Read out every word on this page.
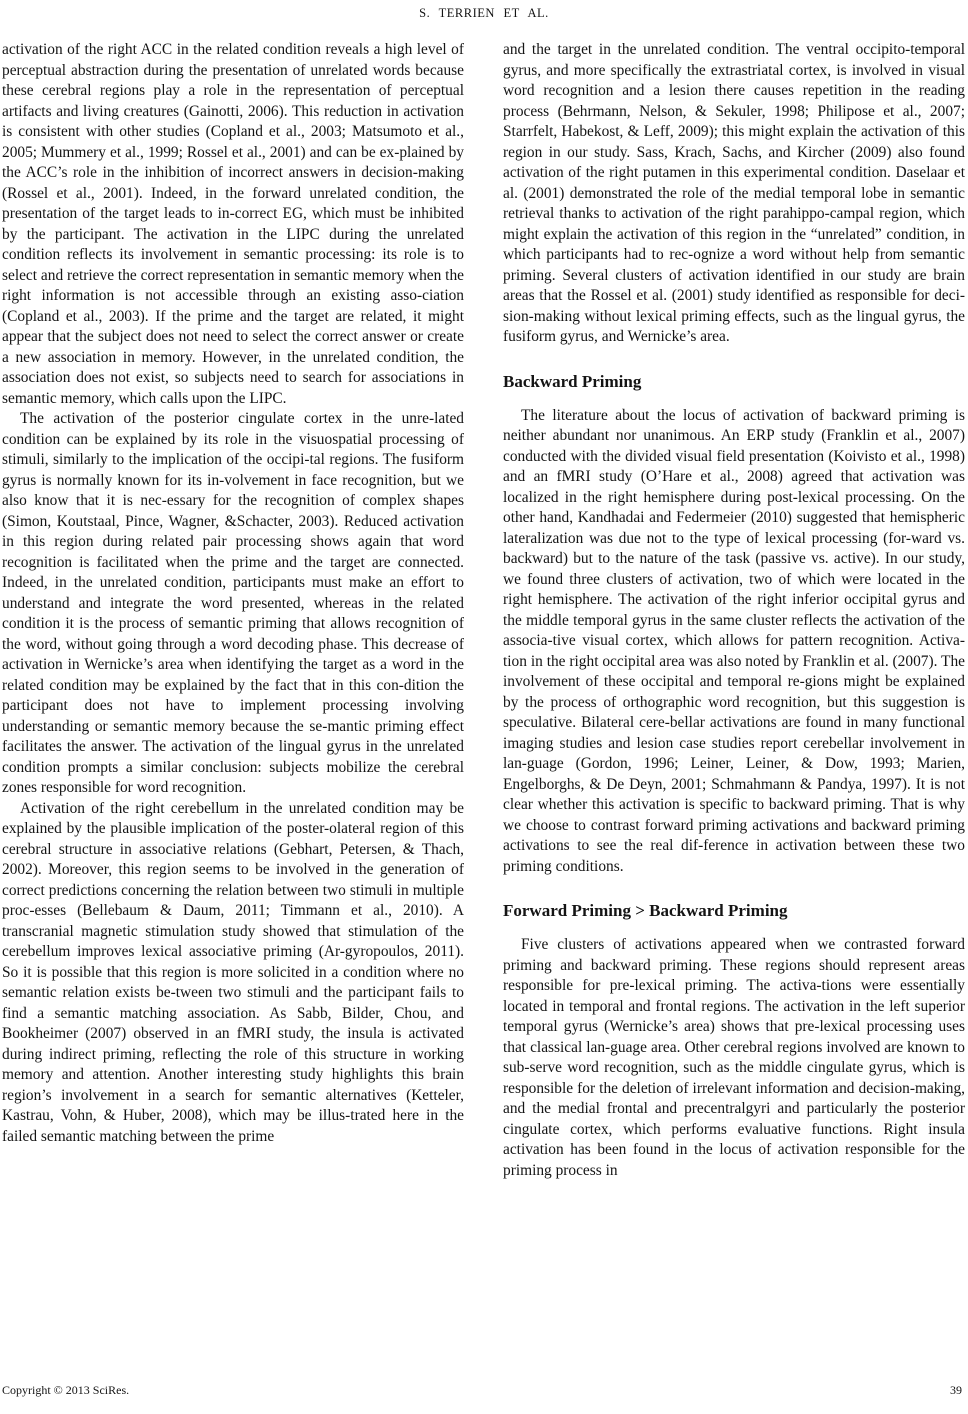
S. TERRIEN ET AL.

activation of the right ACC in the related condition reveals a high level of perceptual abstraction during the presentation of unrelated words because these cerebral regions play a role in the representation of perceptual artifacts and living creatures (Gainotti, 2006). This reduction in activation is consistent with other studies (Copland et al., 2003; Matsumoto et al., 2005; Mummery et al., 1999; Rossel et al., 2001) and can be ex-plained by the ACC’s role in the inhibition of incorrect answers in decision-making (Rossel et al., 2001). Indeed, in the forward unrelated condition, the presentation of the target leads to in-correct EG, which must be inhibited by the participant. The activation in the LIPC during the unrelated condition reflects its involvement in semantic processing: its role is to select and retrieve the correct representation in semantic memory when the right information is not accessible through an existing asso-ciation (Copland et al., 2003). If the prime and the target are related, it might appear that the subject does not need to select the correct answer or create a new association in memory. However, in the unrelated condition, the association does not exist, so subjects need to search for associations in semantic memory, which calls upon the LIPC.

The activation of the posterior cingulate cortex in the unre-lated condition can be explained by its role in the visuospatial processing of stimuli, similarly to the implication of the occipi-tal regions. The fusiform gyrus is normally known for its in-volvement in face recognition, but we also know that it is nec-essary for the recognition of complex shapes (Simon, Koutstaal, Pince, Wagner, &Schacter, 2003). Reduced activation in this region during related pair processing shows again that word recognition is facilitated when the prime and the target are connected. Indeed, in the unrelated condition, participants must make an effort to understand and integrate the word presented, whereas in the related condition it is the process of semantic priming that allows recognition of the word, without going through a word decoding phase. This decrease of activation in Wernicke’s area when identifying the target as a word in the related condition may be explained by the fact that in this con-dition the participant does not have to implement processing involving understanding or semantic memory because the se-mantic priming effect facilitates the answer. The activation of the lingual gyrus in the unrelated condition prompts a similar conclusion: subjects mobilize the cerebral zones responsible for word recognition.

Activation of the right cerebellum in the unrelated condition may be explained by the plausible implication of the poster-olateral region of this cerebral structure in associative relations (Gebhart, Petersen, & Thach, 2002). Moreover, this region seems to be involved in the generation of correct predictions concerning the relation between two stimuli in multiple proc-esses (Bellebaum & Daum, 2011; Timmann et al., 2010). A transcranial magnetic stimulation study showed that stimulation of the cerebellum improves lexical associative priming (Ar-gyropoulos, 2011). So it is possible that this region is more solicited in a condition where no semantic relation exists be-tween two stimuli and the participant fails to find a semantic matching association. As Sabb, Bilder, Chou, and Bookheimer (2007) observed in an fMRI study, the insula is activated during indirect priming, reflecting the role of this structure in working memory and attention. Another interesting study highlights this brain region’s involvement in a search for semantic alternatives (Ketteler, Kastrau, Vohn, & Huber, 2008), which may be illus-trated here in the failed semantic matching between the prime

and the target in the unrelated condition. The ventral occipito-temporal gyrus, and more specifically the extrastriatal cortex, is involved in visual word recognition and a lesion there causes repetition in the reading process (Behrmann, Nelson, & Sekuler, 1998; Philipose et al., 2007; Starrfelt, Habekost, & Leff, 2009); this might explain the activation of this region in our study. Sass, Krach, Sachs, and Kircher (2009) also found activation of the right putamen in this experimental condition. Daselaar et al. (2001) demonstrated the role of the medial temporal lobe in semantic retrieval thanks to activation of the right parahippo-campal region, which might explain the activation of this region in the “unrelated” condition, in which participants had to rec-ognize a word without help from semantic priming. Several clusters of activation identified in our study are brain areas that the Rossel et al. (2001) study identified as responsible for deci-sion-making without lexical priming effects, such as the lingual gyrus, the fusiform gyrus, and Wernicke’s area.

Backward Priming

The literature about the locus of activation of backward priming is neither abundant nor unanimous. An ERP study (Franklin et al., 2007) conducted with the divided visual field presentation (Koivisto et al., 1998) and an fMRI study (O’Hare et al., 2008) agreed that activation was localized in the right hemisphere during post-lexical processing. On the other hand, Kandhadai and Federmeier (2010) suggested that hemispheric lateralization was due not to the type of lexical processing (for-ward vs. backward) but to the nature of the task (passive vs. active). In our study, we found three clusters of activation, two of which were located in the right hemisphere. The activation of the right inferior occipital gyrus and the middle temporal gyrus in the same cluster reflects the activation of the associa-tive visual cortex, which allows for pattern recognition. Activa-tion in the right occipital area was also noted by Franklin et al. (2007). The involvement of these occipital and temporal re-gions might be explained by the process of orthographic word recognition, but this suggestion is speculative. Bilateral cere-bellar activations are found in many functional imaging studies and lesion case studies report cerebellar involvement in lan-guage (Gordon, 1996; Leiner, Leiner, & Dow, 1993; Marien, Engelborghs, & De Deyn, 2001; Schmahmann & Pandya, 1997). It is not clear whether this activation is specific to backward priming. That is why we choose to contrast forward priming activations and backward priming activations to see the real dif-ference in activation between these two priming conditions.

Forward Priming > Backward Priming

Five clusters of activations appeared when we contrasted forward priming and backward priming. These regions should represent areas responsible for pre-lexical priming. The activa-tions were essentially located in temporal and frontal regions. The activation in the left superior temporal gyrus (Wernicke’s area) shows that pre-lexical processing uses that classical lan-guage area. Other cerebral regions involved are known to sub-serve word recognition, such as the middle cingulate gyrus, which is responsible for the deletion of irrelevant information and decision-making, and the medial frontal and precentralgyri and particularly the posterior cingulate cortex, which performs evaluative functions. Right insula activation has been found in the locus of activation responsible for the priming process in

Copyright © 2013 SciRes.	39
